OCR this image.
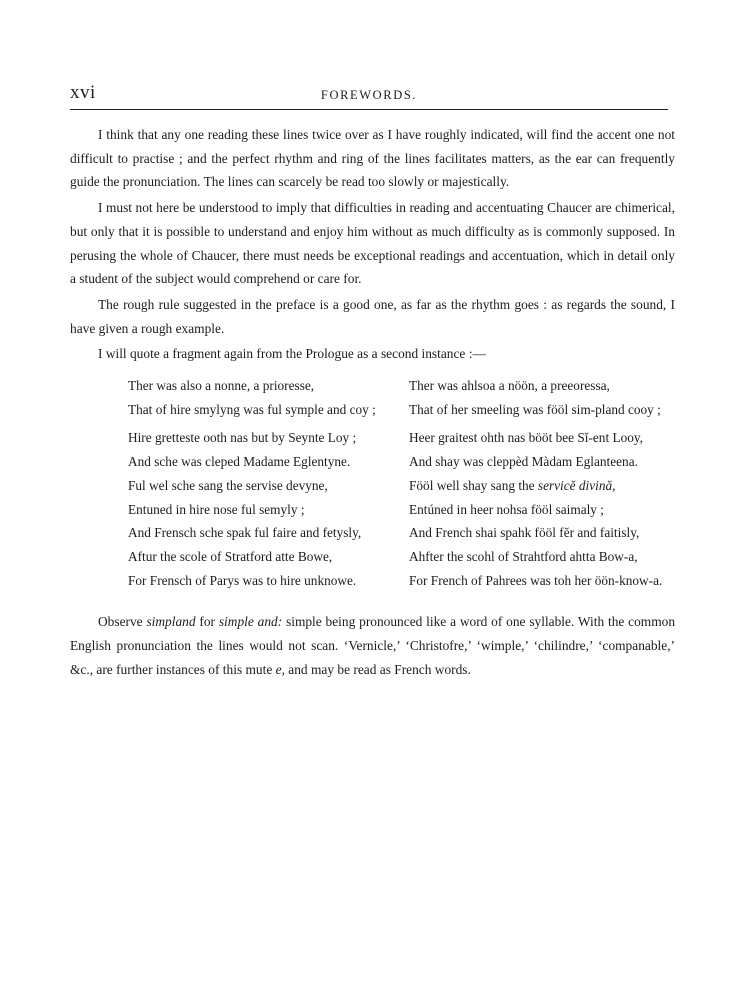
xvi	FOREWORDS.

I think that any one reading these lines twice over as I have roughly indicated, will find the accent one not difficult to practise ; and the perfect rhythm and ring of the lines facilitates matters, as the ear can frequently guide the pronunciation. The lines can scarcely be read too slowly or majestically.

I must not here be understood to imply that difficulties in reading and accentuating Chaucer are chimerical, but only that it is possible to understand and enjoy him without as much difficulty as is commonly supposed. In perusing the whole of Chaucer, there must needs be exceptional readings and accentuation, which in detail only a student of the subject would comprehend or care for.

The rough rule suggested in the preface is a good one, as far as the rhythm goes : as regards the sound, I have given a rough example.

I will quote a fragment again from the Prologue as a second instance :—

Ther was also a nonne, a prioresse,	Ther was ahlsoa a nöön, a preeoressa,
That of hire smylyng was ful symple and coy ;	That of her smeeling was fööl sim-pland cooy ;
Hire gretteste ooth nas but by Seynte Loy ;	Heer graitest ohth nas bööt bee Sĭ-ent Looy,
And sche was cleped Madame Eglentyne.	And shay was cleppèd Màdam Eglanteena.
Ful wel sche sang the servise devyne,	Fööl well shay sang the servicĕ divină,
Entuned in hire nose ful semyly ;	Entúned in heer nohsa fööl saimaly ;
And Frensch sche spak ful faire and fetysly,	And French shai spahk fööl fĕr and faitisly,
Aftur the scole of Stratford atte Bowe,	Ahfter the scohl of Strahtford ahtta Bow-a,
For Frensch of Parys was to hire unknowe.	For French of Pahrees was toh her öön-know-a.

Observe simpland for simple and: simple being pronounced like a word of one syllable. With the common English pronunciation the lines would not scan. ‘Vernicle,’ ‘Christofre,’ ‘wimple,’ ‘chilindre,’ ‘companable,’ &c., are further instances of this mute e, and may be read as French words.
